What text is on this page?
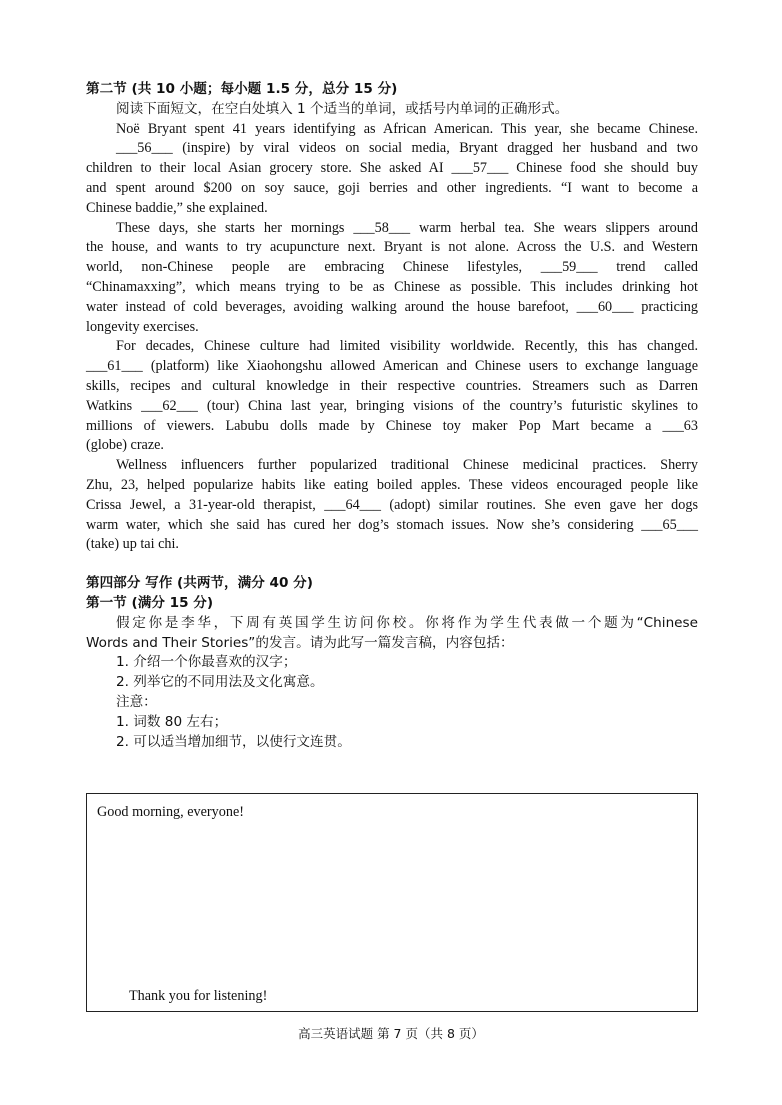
第二节 (共 10 小题；每小题 1.5 分，总分 15 分)
阅读下面短文，在空白处填入 1 个适当的单词，或括号内单词的正确形式。
Noë Bryant spent 41 years identifying as African American. This year, she became Chinese.
___56___ (inspire) by viral videos on social media, Bryant dragged her husband and two
children to their local Asian grocery store. She asked AI ___57___ Chinese food she should buy
and spent around $200 on soy sauce, goji berries and other ingredients. “I want to become a
Chinese baddie,” she explained.
These days, she starts her mornings ___58___ warm herbal tea. She wears slippers around
the house, and wants to try acupuncture next. Bryant is not alone. Across the U.S. and Western
world, non-Chinese people are embracing Chinese lifestyles, ___59___ trend called
“Chinamaxxing”, which means trying to be as Chinese as possible. This includes drinking hot
water instead of cold beverages, avoiding walking around the house barefoot, ___60___ practicing
longevity exercises.
For decades, Chinese culture had limited visibility worldwide. Recently, this has changed.
___61___ (platform) like Xiaohongshu allowed American and Chinese users to exchange language
skills, recipes and cultural knowledge in their respective countries. Streamers such as Darren
Watkins ___62___ (tour) China last year, bringing visions of the country’s futuristic skylines to
millions of viewers. Labubu dolls made by Chinese toy maker Pop Mart became a ___63
(globe) craze.
Wellness influencers further popularized traditional Chinese medicinal practices. Sherry
Zhu, 23, helped popularize habits like eating boiled apples. These videos encouraged people like
Crissa Jewel, a 31-year-old therapist, ___64___ (adopt) similar routines. She even gave her dogs
warm water, which she said has cured her dog’s stomach issues. Now she’s considering ___65___
(take) up tai chi.
第四部分 写作 (共两节，满分 40 分)
第一节 (满分 15 分)
假定你是李华，下周有英国学生访问你校。你将作为学生代表做一个题为“Chinese
Words and Their Stories”的发言。请为此写一篇发言稿，内容包括：
1. 介绍一个你最喜欢的汉字；
2. 列举它的不同用法及文化寓意。
注意：
1. 词数 80 左右；
2. 可以适当增加细节，以使行文连贯。
Good morning, everyone!
Thank you for listening!
高三英语试题 第 7 页（共 8 页）
